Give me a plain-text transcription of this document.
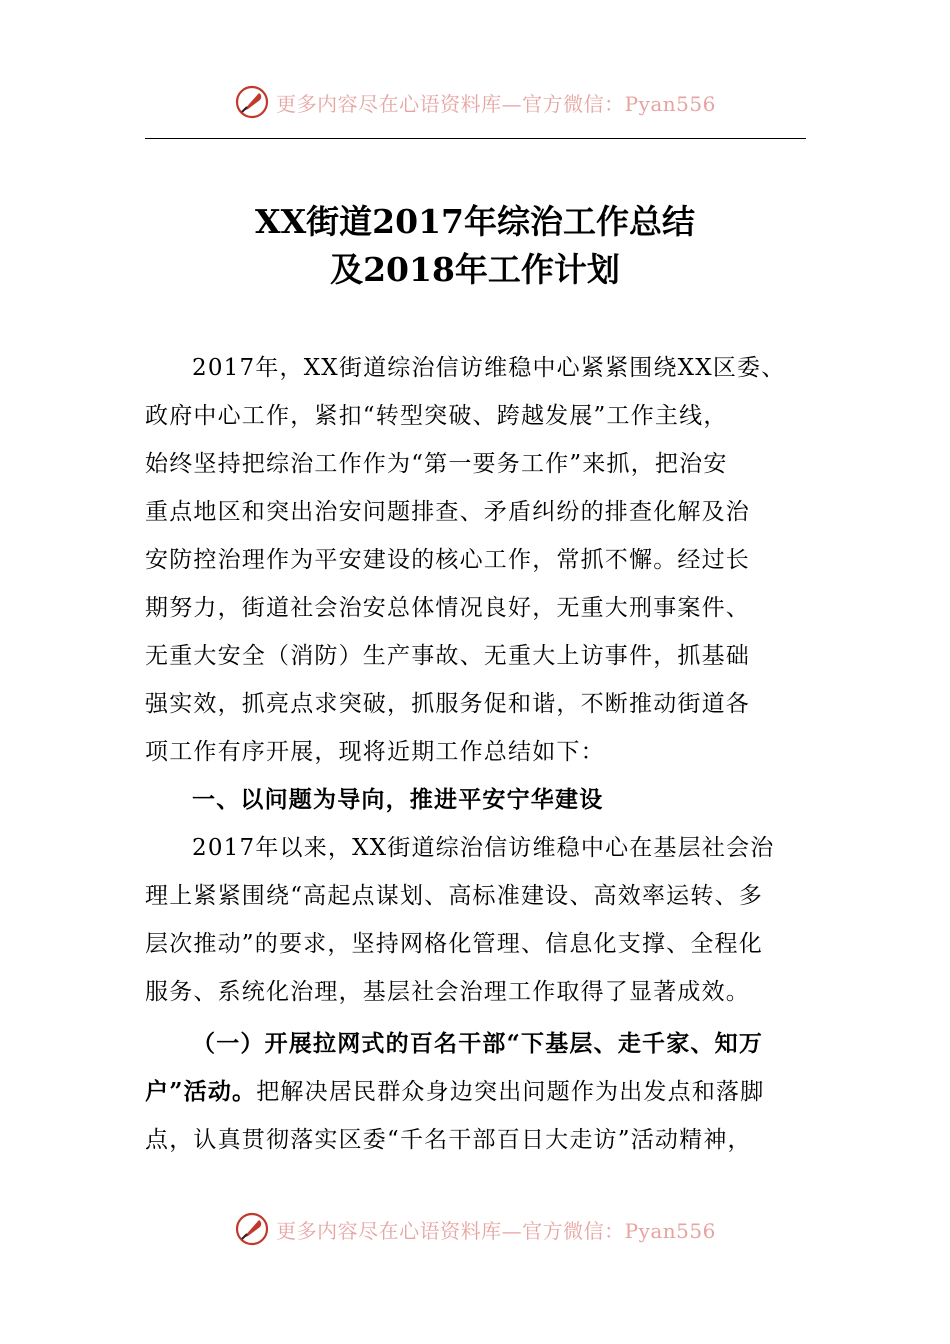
更多内容尽在心语资料库—官方微信：Pyan556
XX街道2017年综治工作总结
及2018年工作计划

2017年，XX街道综治信访维稳中心紧紧围绕XX区委、

政府中心工作，紧扣“转型突破、跨越发展”工作主线，

始终坚持把综治工作作为“第一要务工作”来抓，把治安

重点地区和突出治安问题排查、矛盾纠纷的排查化解及治

安防控治理作为平安建设的核心工作，常抓不懈。经过长

期努力，街道社会治安总体情况良好，无重大刑事案件、

无重大安全（消防）生产事故、无重大上访事件，抓基础

强实效，抓亮点求突破，抓服务促和谐，不断推动街道各

项工作有序开展，现将近期工作总结如下：

一、以问题为导向，推进平安宁华建设

2017年以来，XX街道综治信访维稳中心在基层社会治

理上紧紧围绕“高起点谋划、高标准建设、高效率运转、多

层次推动”的要求，坚持网格化管理、信息化支撑、全程化

服务、系统化治理，基层社会治理工作取得了显著成效。

（一）开展拉网式的百名干部“下基层、走千家、知万

户”活动。把解决居民群众身边突出问题作为出发点和落脚

点，认真贯彻落实区委“千名干部百日大走访”活动精神，

更多内容尽在心语资料库—官方微信：Pyan556
